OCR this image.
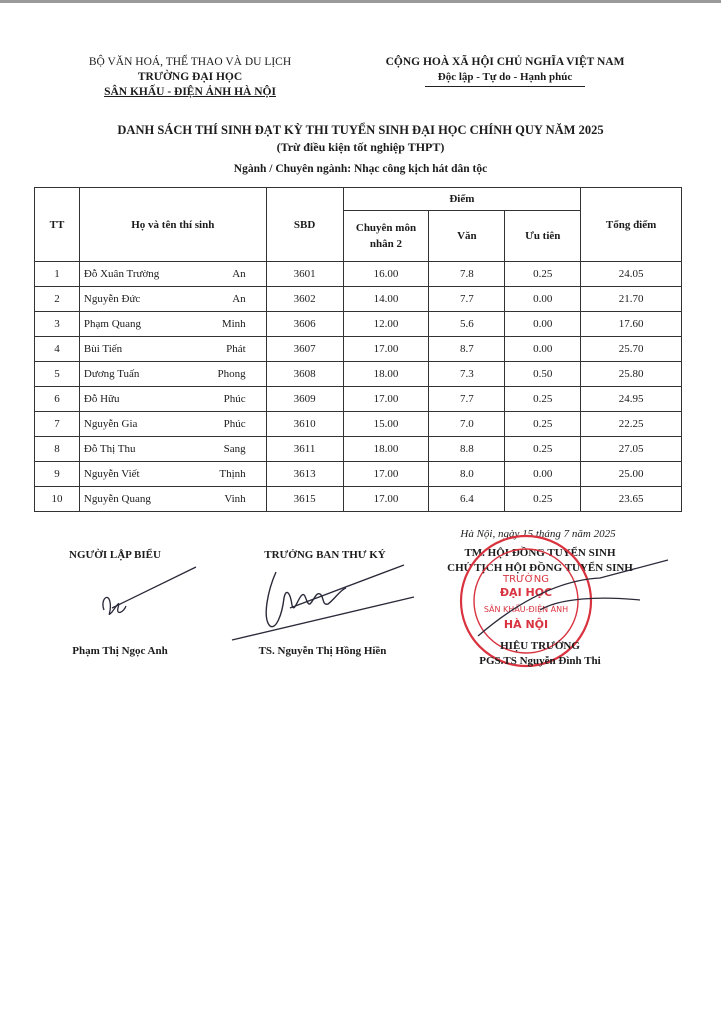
BỘ VĂN HOÁ, THỂ THAO VÀ DU LỊCH
TRƯỜNG ĐẠI HỌC
SÂN KHẤU - ĐIỆN ẢNH HÀ NỘI
CỘNG HOÀ XÃ HỘI CHỦ NGHĨA VIỆT NAM
Độc lập - Tự do - Hạnh phúc
DANH SÁCH THÍ SINH ĐẠT KỲ THI TUYỂN SINH ĐẠI HỌC CHÍNH QUY NĂM 2025
(Trừ điều kiện tốt nghiệp THPT)
Ngành / Chuyên ngành: Nhạc công kịch hát dân tộc
TT	Họ và tên thí sinh	SBD	Điểm			Tổng điểm

			Chuyên môn nhân 2	Văn	Ưu tiên	
1	Đỗ Xuân Trường An	3601	16.00	7.8	0.25	24.05
2	Nguyễn Đức An	3602	14.00	7.7	0.00	21.70
3	Phạm Quang Minh	3606	12.00	5.6	0.00	17.60
4	Bùi Tiến Phát	3607	17.00	8.7	0.00	25.70
5	Dương Tuấn Phong	3608	18.00	7.3	0.50	25.80
6	Đỗ Hữu Phúc	3609	17.00	7.7	0.25	24.95
7	Nguyễn Gia Phúc	3610	15.00	7.0	0.25	22.25
8	Đỗ Thị Thu Sang	3611	18.00	8.8	0.25	27.05
9	Nguyễn Viết Thịnh	3613	17.00	8.0	0.00	25.00
10	Nguyễn Quang Vinh	3615	17.00	6.4	0.25	23.65
Hà Nội, ngày 15 tháng 7 năm 2025
NGƯỜI LẬP BIỂU	TRƯỞNG BAN THƯ KÝ	TM. HỘI ĐỒNG TUYỂN SINH
CHỦ TỊCH HỘI ĐỒNG TUYỂN SINH
TRƯỜNG
ĐẠI HỌC
SÂN KHẤU-ĐIỆN ẢNH
HÀ NỘI
Phạm Thị Ngọc Anh	TS. Nguyễn Thị Hồng Hiền	HIỆU TRƯỞNG
PGS.TS Nguyễn Đình Thi
